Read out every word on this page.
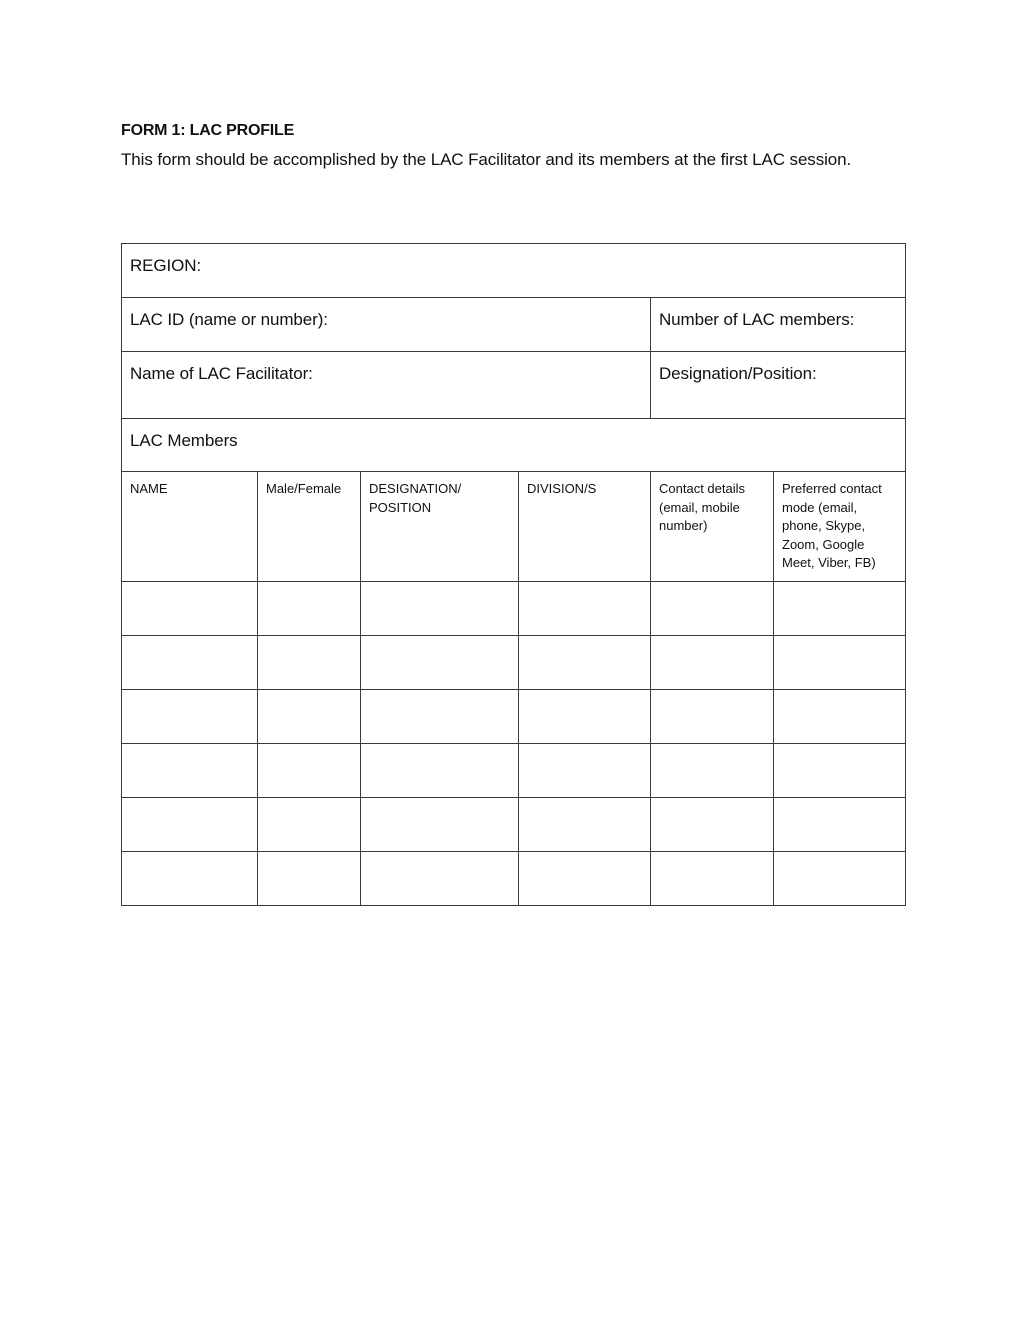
FORM 1: LAC PROFILE
This form should be accomplished by the LAC Facilitator and its members at the first LAC session.
REGION:					

LAC ID (name or number):				Number of LAC members:	

Name of LAC Facilitator:				Designation/Position:	

LAC Members					

NAME	Male/Female	DESIGNATION/ POSITION	DIVISION/S	Contact details (email, mobile number)	Preferred contact mode (email, phone, Skype, Zoom, Google Meet, Viber, FB)
